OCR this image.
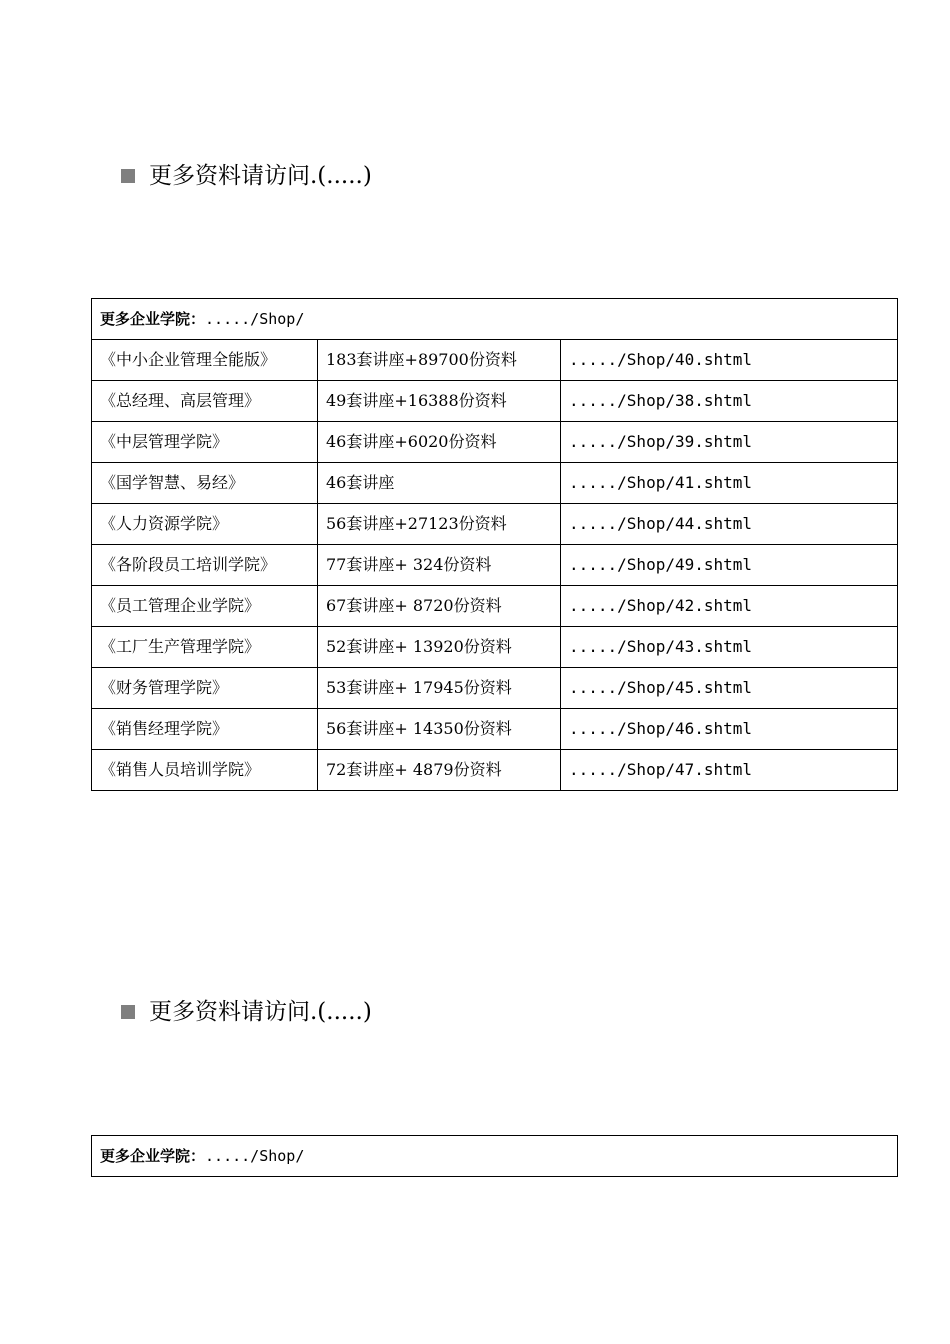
更多资料请访问.(.....)
更多企业学院：...../Shop/		
《中小企业管理全能版》	183套讲座+89700份资料	...../Shop/40.shtml
《总经理、高层管理》	49套讲座+16388份资料	...../Shop/38.shtml
《中层管理学院》	46套讲座+6020份资料	...../Shop/39.shtml
《国学智慧、易经》	46套讲座	...../Shop/41.shtml
《人力资源学院》	56套讲座+27123份资料	...../Shop/44.shtml
《各阶段员工培训学院》	77套讲座+ 324份资料	...../Shop/49.shtml
《员工管理企业学院》	67套讲座+ 8720份资料	...../Shop/42.shtml
《工厂生产管理学院》	52套讲座+ 13920份资料	...../Shop/43.shtml
《财务管理学院》	53套讲座+ 17945份资料	...../Shop/45.shtml
《销售经理学院》	56套讲座+ 14350份资料	...../Shop/46.shtml
《销售人员培训学院》	72套讲座+ 4879份资料	...../Shop/47.shtml
更多资料请访问.(.....)
更多企业学院：...../Shop/
